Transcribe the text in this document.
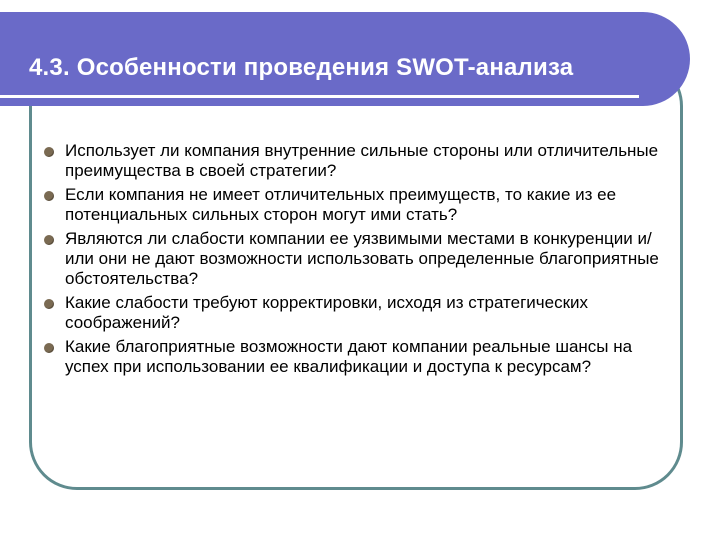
4.3. Особенности проведения SWOT-анализа
Использует ли компания внутренние сильные стороны или отличительные преимущества в своей стратегии?
Если компания не имеет отличительных преимуществ, то какие из ее потенциальных сильных сторон могут ими стать?
Являются ли слабости компании ее уязвимыми местами в конкуренции и/или они не дают возможности использовать определенные благоприятные обстоятельства?
Какие слабости требуют корректировки, исходя из стратегических соображений?
Какие благоприятные возможности дают компании реальные шансы на успех при использовании ее квалификации и доступа к ресурсам?
